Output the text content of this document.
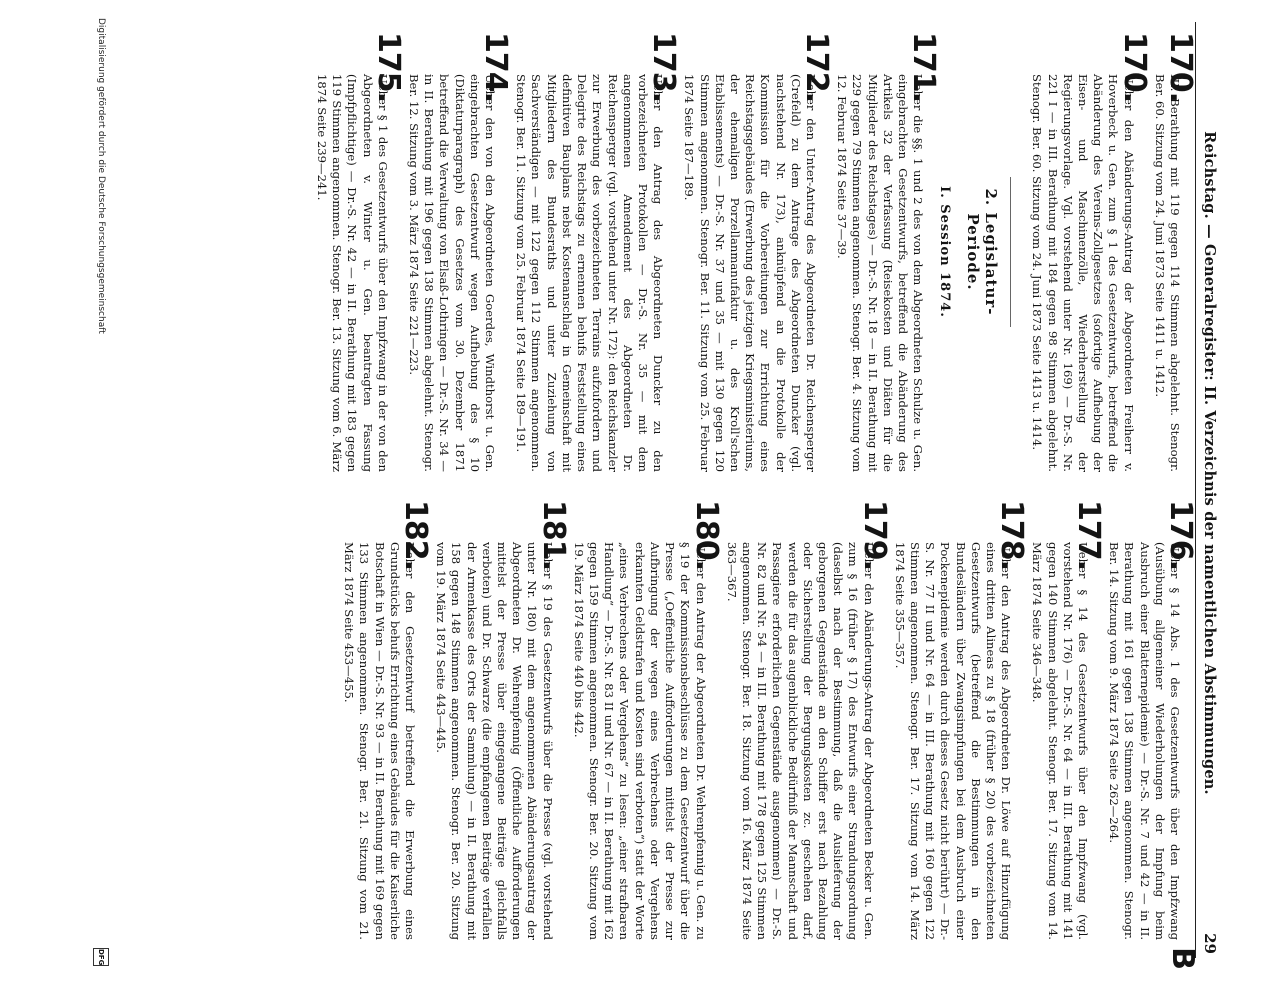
Reichstag. — Generalregister: II. Verzeichnis der namentlichen Abstimmungen.
29
B
170.
III. Berathung mit 119 gegen 114 Stimmen abgelehnt. Stenogr. Ber. 60. Sitzung vom 24. Juni 1873 Seite 1411 u. 1412.
170.
Ueber den Abänderungs-Antrag der Abgeordneten Freiherr v. Hoverbeck u. Gen. zum § 1 des Gesetzentwurfs, betreffend die Abänderung des Vereins-Zollgesetzes (sofortige Aufhebung der Eisen- und Maschinenzölle, Wiederherstellung der Regierungsvorlage. Vgl. vorstehend unter Nr. 169) — Dr.-S. Nr. 221 I — in III. Berathung mit 184 gegen 98 Stimmen abgelehnt. Stenogr. Ber. 60. Sitzung vom 24. Juni 1873 Seite 1413 u. 1414.
2. Legislatur-Periode.
I. Session 1874.
171.
Ueber die §§. 1 und 2 des von dem Abgeordneten Schulze u. Gen. eingebrachten Gesetzentwurfs, betreffend die Abänderung des Artikels 32 der Verfassung (Reisekosten und Diäten für die Mitglieder des Reichstages) — Dr.-S. Nr. 18 — in II. Berathung mit 229 gegen 79 Stimmen angenommen. Stenogr. Ber. 4. Sitzung vom 12. Februar 1874 Seite 37—39.
172.
Ueber den Unter-Antrag des Abgeordneten Dr. Reichensperger (Crefeld) zu dem Antrage des Abgeordneten Duncker (vgl. nachstehend Nr. 173), anknüpfend an die Protokolle der Kommission für die Vorbereitungen zur Errichtung eines Reichstagsgebäudes (Erwerbung des jetzigen Kriegsministeriums, der ehemaligen Porzellanmanufaktur u. des Kroll'schen Etablissements) — Dr.-S. Nr. 37 und 35 — mit 130 gegen 120 Stimmen angenommen. Stenogr. Ber. 11. Sitzung vom 25. Februar 1874 Seite 187—189.
173.
Ueber den Antrag des Abgeordneten Duncker zu den vorbezeichneten Protokollen — Dr.-S. Nr. 35 — mit dem angenommenen Amendement des Abgeordneten Dr. Reichensperger (vgl. vorstehend unter Nr. 172): den Reichskanzler zur Erwerbung des vorbezeichneten Terrains aufzufordern und Delegirte des Reichstags zu ernennen behufs Feststellung eines definitiven Bauplans nebst Kostenanschlag in Gemeinschaft mit Mitgliedern des Bundesraths und unter Zuziehung von Sachverständigen — mit 122 gegen 112 Stimmen angenommen. Stenogr. Ber. 11. Sitzung vom 25. Februar 1874 Seite 189—191.
174.
Ueber den von den Abgeordneten Goerdes, Windthorst u. Gen. eingebrachten Gesetzentwurf wegen Aufhebung des § 10 (Diktaturparagraph) des Gesetzes vom 30. Dezember 1871 betreffend die Verwaltung von Elsaß-Lothringen — Dr.-S. Nr. 34 — in II. Berathung mit 196 gegen 138 Stimmen abgelehnt. Stenogr. Ber. 12. Sitzung vom 3. März 1874 Seite 221—223.
175.
Ueber § 1 des Gesetzentwurfs über den Impfzwang in der von den Abgeordneten v. Winter u. Gen. beantragten Fassung (Impfpflichtige) — Dr.-S. Nr. 42 — in II. Berathung mit 183 gegen 119 Stimmen angenommen. Stenogr. Ber. 13. Sitzung vom 6. März 1874 Seite 239—241.
176.
Ueber § 14 Abs. 1 des Gesetzentwurfs über den Impfzwang (Ausübung allgemeiner Wiederholungen der Impfung beim Ausbruch einer Blatternepidemie) — Dr.-S. Nr. 7 und 42 — in II. Berathung mit 161 gegen 138 Stimmen angenommen. Stenogr. Ber. 14. Sitzung vom 9. März 1874 Seite 262—264.
177.
Ueber § 14 des Gesetzentwurfs über den Impfzwang (vgl. vorstehend Nr. 176) — Dr.-S. Nr. 64 — in III. Berathung mit 141 gegen 140 Stimmen abgelehnt. Stenogr. Ber. 17. Sitzung vom 14. März 1874 Seite 346—348.
178.
Ueber den Antrag des Abgeordneten Dr. Löwe auf Hinzufügung eines dritten Alineas zu § 18 (früher § 20) des vorbezeichneten Gesetzentwurfs (betreffend die Bestimmungen in den Bundesländern über Zwangsimpfungen bei dem Ausbruch einer Pockenepidemie werden durch dieses Gesetz nicht berührt) — Dr.-S. Nr. 77 II und Nr. 64 — in III. Berathung mit 160 gegen 122 Stimmen angenommen. Stenogr. Ber. 17. Sitzung vom 14. März 1874 Seite 355—357.
179.
Ueber den Abänderungs-Antrag der Abgeordneten Becker u. Gen. zum § 16 (früher § 17) des Entwurfs einer Strandungsordnung (daselbst nach der Bestimmung, daß die Auslieferung der geborgenen Gegenstände an den Schiffer erst nach Bezahlung oder Sicherstellung der Bergungskosten zc. geschehen darf, werden die für das augenblickliche Bedürfniß der Mannschaft und Passagiere erforderlichen Gegenstände ausgenommen) — Dr.-S. Nr. 82 und Nr. 54 — in III. Berathung mit 178 gegen 125 Stimmen angenommen. Stenogr. Ber. 18. Sitzung vom 16. März 1874 Seite 363—367.
180.
Ueber den Antrag der Abgeordneten Dr. Wehrenpfennig u. Gen. zu § 19 der Kommissionsbeschlüsse zu dem Gesetzentwurf über die Presse („Oeffentliche Aufforderungen mittelst der Presse zur Aufbringung der wegen eines Verbrechens oder Vergehens erkannten Geldstrafen und Kosten sind verboten“) statt der Worte „eines Verbrechens oder Vergehens“ zu lesen: „einer strafbaren Handlung“ — Dr.-S. Nr. 83 II und Nr. 67 — in II. Berathung mit 162 gegen 159 Stimmen angenommen. Stenogr. Ber. 20. Sitzung vom 19. März 1874 Seite 440 bis 442.
181.
Ueber § 19 des Gesetzentwurfs über die Presse (vgl. vorstehend unter Nr. 180) mit dem angenommenen Abänderungsantrag der Abgeordneten Dr. Wehrenpfennig (Öffentliche Aufforderungen mittelst der Presse über eingegangene Beiträge gleichfalls verboten) und Dr. Schwarze (die empfangenen Beiträge verfallen der Armenkasse des Orts der Sammlung) — in II. Berathung mit 158 gegen 148 Stimmen angenommen. Stenogr. Ber. 20. Sitzung vom 19. März 1874 Seite 443—445.
182.
Ueber den Gesetzentwurf betreffend die Erwerbung eines Grundstücks behufs Errichtung eines Gebäudes für die Kaiserliche Botschaft in Wien — Dr.-S. Nr. 93 — in II. Berathung mit 169 gegen 133 Stimmen angenommen. Stenogr. Ber. 21. Sitzung vom 21. März 1874 Seite 453—455.
Digitalisierung gefördert durch die Deutsche Forschungsgemeinschaft
DFG
